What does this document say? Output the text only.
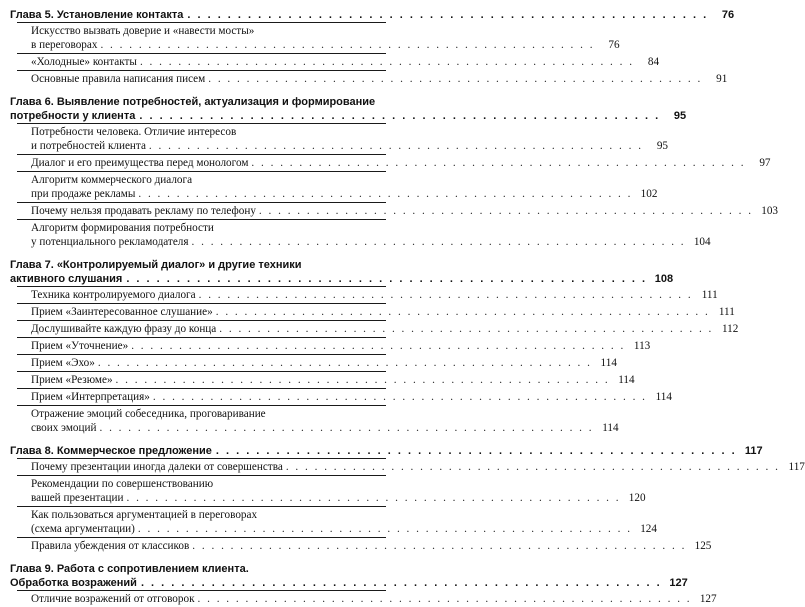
Глава 5. Установление контакта . . . . . . . . . . . . . . . . . . . . . . . . . . . . . . . . . . . . . . . . . . . . . . . . . . . .	76
Искусство вызвать доверие и «навести мосты»
в переговорах . . . . . . . . . . . . . . . . . . . . . . . . . . . . . . . . . . . . . . . . . . . . . . . . . . . .	76
«Холодные» контакты . . . . . . . . . . . . . . . . . . . . . . . . . . . . . . . . . . . . . . . . . . . . . . . . . . . .	84
Основные правила написания писем . . . . . . . . . . . . . . . . . . . . . . . . . . . . . . . . . . . . . . . . . . . . . . . . . . . .	91
Глава 6. Выявление потребностей, актуализация и формирование
потребности у клиента . . . . . . . . . . . . . . . . . . . . . . . . . . . . . . . . . . . . . . . . . . . . . . . . . . . .	95
Потребности человека. Отличие интересов
и потребностей клиента . . . . . . . . . . . . . . . . . . . . . . . . . . . . . . . . . . . . . . . . . . . . . . . . . . . .	95
Диалог и его преимущества перед монологом . . . . . . . . . . . . . . . . . . . . . . . . . . . . . . . . . . . . . . . . . . . . . . . . . . . .	97
Алгоритм коммерческого диалога
при продаже рекламы . . . . . . . . . . . . . . . . . . . . . . . . . . . . . . . . . . . . . . . . . . . . . . . . . . . . 102
Почему нельзя продавать рекламу по телефону . . . . . . . . . . . . . . . . . . . . . . . . . . . . . . . . . . . . . . . . . . . . . . . . . . . . 103
Алгоритм формирования потребности
у потенциального рекламодателя . . . . . . . . . . . . . . . . . . . . . . . . . . . . . . . . . . . . . . . . . . . . . . . . . . . . 104
Глава 7. «Контролируемый диалог» и другие техники
активного слушания . . . . . . . . . . . . . . . . . . . . . . . . . . . . . . . . . . . . . . . . . . . . . . . . . . . . 108
Техника контролируемого диалога . . . . . . . . . . . . . . . . . . . . . . . . . . . . . . . . . . . . . . . . . . . . . . . . . . . . 111
Прием «Заинтересованное слушание» . . . . . . . . . . . . . . . . . . . . . . . . . . . . . . . . . . . . . . . . . . . . . . . . . . . . 111
Дослушивайте каждую фразу до конца . . . . . . . . . . . . . . . . . . . . . . . . . . . . . . . . . . . . . . . . . . . . . . . . . . . . 112
Прием «Уточнение» . . . . . . . . . . . . . . . . . . . . . . . . . . . . . . . . . . . . . . . . . . . . . . . . . . . . 113
Прием «Эхо» . . . . . . . . . . . . . . . . . . . . . . . . . . . . . . . . . . . . . . . . . . . . . . . . . . . . 114
Прием «Резюме» . . . . . . . . . . . . . . . . . . . . . . . . . . . . . . . . . . . . . . . . . . . . . . . . . . . . 114
Прием «Интерпретация» . . . . . . . . . . . . . . . . . . . . . . . . . . . . . . . . . . . . . . . . . . . . . . . . . . . . 114
Отражение эмоций собеседника, проговаривание
своих эмоций . . . . . . . . . . . . . . . . . . . . . . . . . . . . . . . . . . . . . . . . . . . . . . . . . . . . 114
Глава 8. Коммерческое предложение . . . . . . . . . . . . . . . . . . . . . . . . . . . . . . . . . . . . . . . . . . . . . . . . . . . . 117
Почему презентации иногда далеки от совершенства . . . . . . . . . . . . . . . . . . . . . . . . . . . . . . . . . . . . . . . . . . . . . . . . . . . . 117
Рекомендации по совершенствованию
вашей презентации . . . . . . . . . . . . . . . . . . . . . . . . . . . . . . . . . . . . . . . . . . . . . . . . . . . . 120
Как пользоваться аргументацией в переговорах
(схема аргументации) . . . . . . . . . . . . . . . . . . . . . . . . . . . . . . . . . . . . . . . . . . . . . . . . . . . . 124
Правила убеждения от классиков . . . . . . . . . . . . . . . . . . . . . . . . . . . . . . . . . . . . . . . . . . . . . . . . . . . . 125
Глава 9. Работа с сопротивлением клиента.
Обработка возражений . . . . . . . . . . . . . . . . . . . . . . . . . . . . . . . . . . . . . . . . . . . . . . . . . . . . 127
Отличие возражений от отговорок . . . . . . . . . . . . . . . . . . . . . . . . . . . . . . . . . . . . . . . . . . . . . . . . . . . . 127
